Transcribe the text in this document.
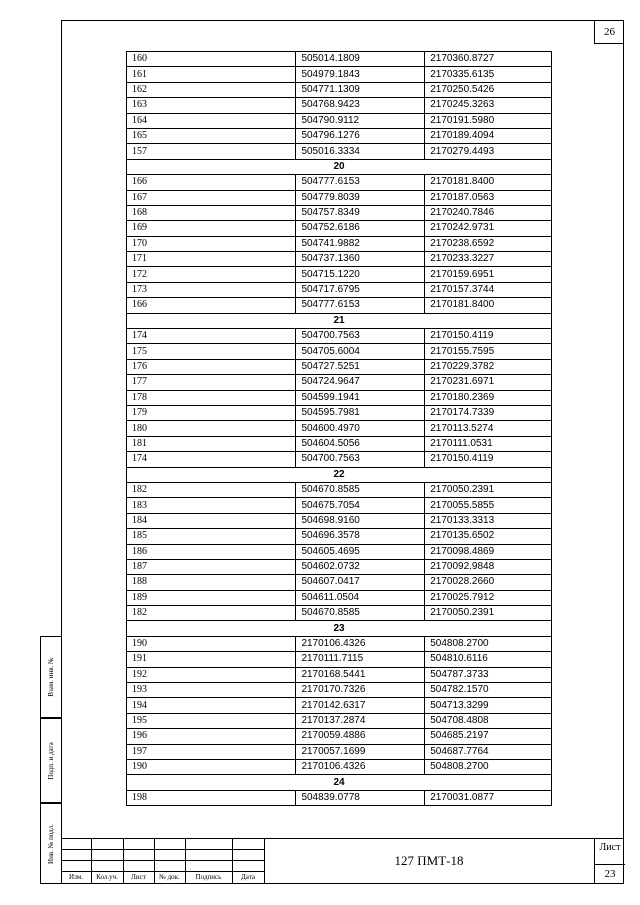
26
160	505014.1809	2170360.8727
161	504979.1843	2170335.6135
162	504771.1309	2170250.5426
163	504768.9423	2170245.3263
164	504790.9112	2170191.5980
165	504796.1276	2170189.4094
157	505016.3334	2170279.4493
20		
166	504777.6153	2170181.8400
167	504779.8039	2170187.0563
168	504757.8349	2170240.7846
169	504752.6186	2170242.9731
170	504741.9882	2170238.6592
171	504737.1360	2170233.3227
172	504715.1220	2170159.6951
173	504717.6795	2170157.3744
166	504777.6153	2170181.8400
21		
174	504700.7563	2170150.4119
175	504705.6004	2170155.7595
176	504727.5251	2170229.3782
177	504724.9647	2170231.6971
178	504599.1941	2170180.2369
179	504595.7981	2170174.7339
180	504600.4970	2170113.5274
181	504604.5056	2170111.0531
174	504700.7563	2170150.4119
22		
182	504670.8585	2170050.2391
183	504675.7054	2170055.5855
184	504698.9160	2170133.3313
185	504696.3578	2170135.6502
186	504605.4695	2170098.4869
187	504602.0732	2170092.9848
188	504607.0417	2170028.2660
189	504611.0504	2170025.7912
182	504670.8585	2170050.2391
23		
190	2170106.4326	504808.2700
191	2170111.7115	504810.6116
192	2170168.5441	504787.3733
193	2170170.7326	504782.1570
194	2170142.6317	504713.3299
195	2170137.2874	504708.4808
196	2170059.4886	504685.2197
197	2170057.1699	504687.7764
190	2170106.4326	504808.2700
24		
198	504839.0778	2170031.0877
Взам. инв. №
Подп. и дата
Инв. № подл.
Изм.	Кол.уч.	Лист	№ док.	Подпись	Дата
127 ПМТ-18
Лист
23
